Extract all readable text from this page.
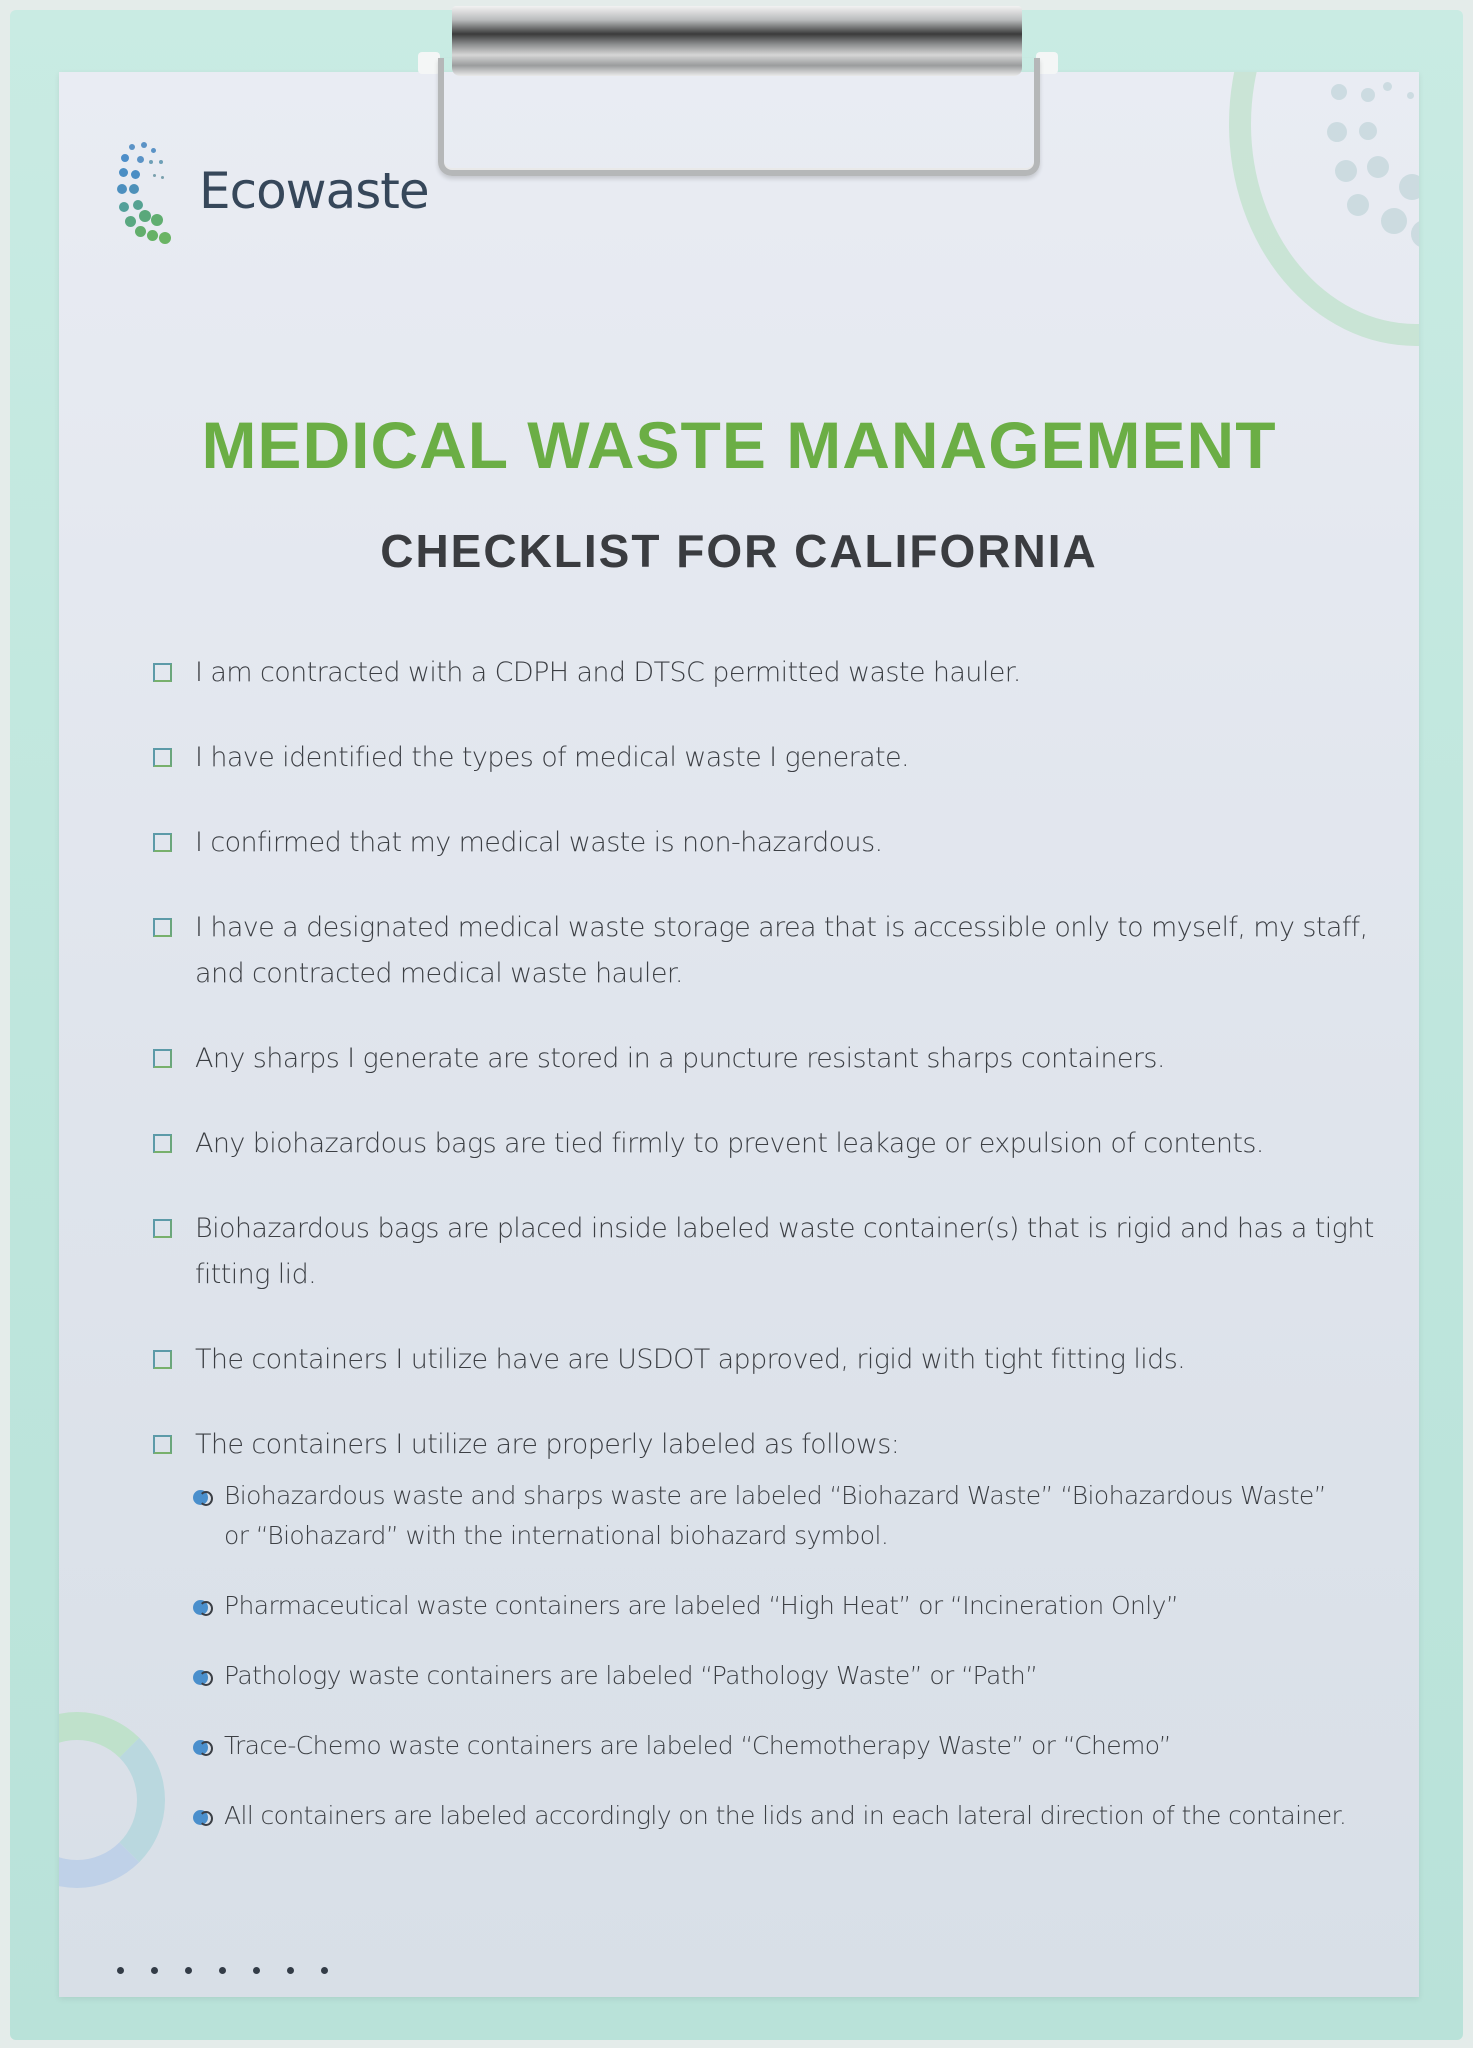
Ecowaste
MEDICAL WASTE MANAGEMENT
CHECKLIST FOR CALIFORNIA
I am contracted with a CDPH and DTSC permitted waste hauler.
I have identified the types of medical waste I generate.
I confirmed that my medical waste is non-hazardous.
I have a designated medical waste storage area that is accessible only to myself, my staff, and contracted medical waste hauler.
Any sharps I generate are stored in a puncture resistant sharps containers.
Any biohazardous bags are tied firmly to prevent leakage or expulsion of contents.
Biohazardous bags are placed inside labeled waste container(s) that is rigid and has a tight fitting lid.
The containers I utilize have are USDOT approved, rigid with tight fitting lids.
The containers I utilize are properly labeled as follows:
Biohazardous waste and sharps waste are labeled “Biohazard Waste” “Biohazardous Waste” or “Biohazard” with the international biohazard symbol.
Pharmaceutical waste containers are labeled “High Heat” or “Incineration Only”
Pathology waste containers are labeled “Pathology Waste” or “Path”
Trace-Chemo waste containers are labeled “Chemotherapy Waste” or “Chemo”
All containers are labeled accordingly on the lids and in each lateral direction of the container.
